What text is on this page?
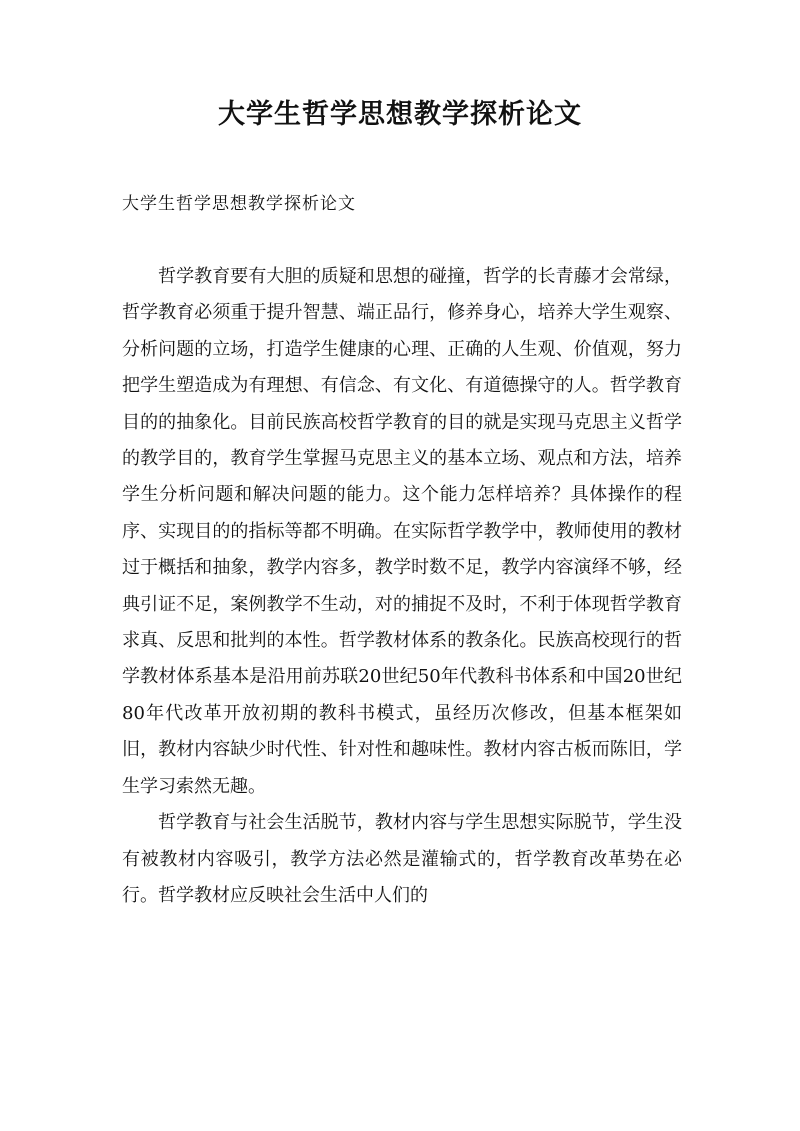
大学生哲学思想教学探析论文

大学生哲学思想教学探析论文

哲学教育要有大胆的质疑和思想的碰撞，哲学的长青藤才会常绿，哲学教育必须重于提升智慧、端正品行，修养身心，培养大学生观察、分析问题的立场，打造学生健康的心理、正确的人生观、价值观，努力把学生塑造成为有理想、有信念、有文化、有道德操守的人。哲学教育目的的抽象化。目前民族高校哲学教育的目的就是实现马克思主义哲学的教学目的，教育学生掌握马克思主义的基本立场、观点和方法，培养学生分析问题和解决问题的能力。这个能力怎样培养？具体操作的程序、实现目的的指标等都不明确。在实际哲学教学中，教师使用的教材过于概括和抽象，教学内容多，教学时数不足，教学内容演绎不够，经典引证不足，案例教学不生动，对的捕捉不及时，不利于体现哲学教育求真、反思和批判的本性。哲学教材体系的教条化。民族高校现行的哲学教材体系基本是沿用前苏联20世纪50年代教科书体系和中国20世纪80年代改革开放初期的教科书模式，虽经历次修改，但基本框架如旧，教材内容缺少时代性、针对性和趣味性。教材内容古板而陈旧，学生学习索然无趣。

哲学教育与社会生活脱节，教材内容与学生思想实际脱节，学生没有被教材内容吸引，教学方法必然是灌输式的，哲学教育改革势在必行。哲学教材应反映社会生活中人们的
